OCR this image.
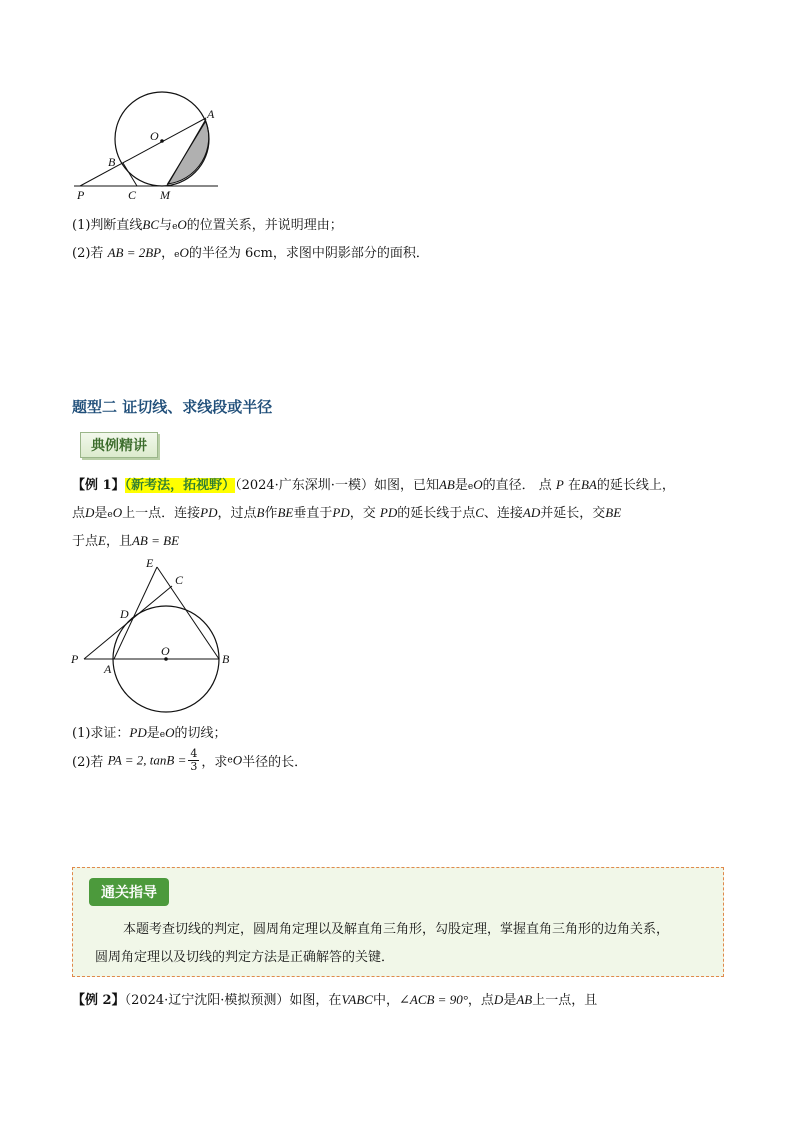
A
O
B
P	C M
(1)判断直线BC与eO的位置关系，并说明理由；
(2)若 AB = 2BP，eO的半径为 6cm，求图中阴影部分的面积．
题型二 证切线、求线段或半径
典例精讲
【例 1】（新考法，拓视野）（2024·广东深圳·一模）如图，已知AB是eO的直径． 点 P 在BA的延长线上，
点D是eO上一点．连接PD，过点B作BE垂直于PD，交 PD的延长线于点C、连接AD并延长，交BE
于点E，且AB = BE
E
C
D
O
P
A
B
(1)求证：PD是eO的切线；
(2)若 PA = 2, $\tan B = \frac{4}{3}$ ，求eO半径的长．
通关指导
本题考查切线的判定，圆周角定理以及解直角三角形，勾股定理，掌握直角三角形的边角关系，
圆周角定理以及切线的判定方法是正确解答的关键．
【例 2】（2024·辽宁沈阳·模拟预测）如图，在VABC中，∠ACB = 90°，点D是AB上一点，且
